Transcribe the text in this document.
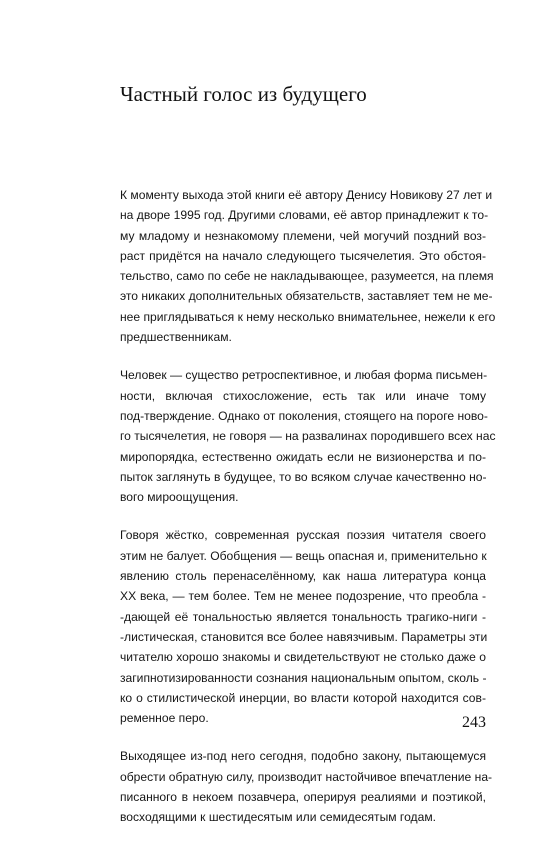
Частный голос из будущего

К моменту выхода этой книги её автору Денису Новикову 27 лет и
на дворе 1995 год. Другими словами, её автор принадлежит к то-
му младому и незнакомому племени, чей могучий поздний воз-
раст придётся на начало следующего тысячелетия. Это обстоя-
тельство, само по себе не накладывающее, разумеется, на племя
это никаких дополнительных обязательств, заставляет тем не ме-
нее приглядываться к нему несколько внимательнее, нежели к его
предшественникам.

Человек — существо ретроспективное, и любая форма письмен-
ности, включая стихосложение, есть так или иначе тому
под-тверждение. Однако от поколения, стоящего на пороге ново-
го тысячелетия, не говоря — на развалинах породившего всех нас
миропорядка, естественно ожидать если не визионерства и по-
пыток заглянуть в будущее, то во всяком случае качественно но-
вого мироощущения.

Говоря жёстко, современная русская поэзия читателя своего
этим не балует. Обобщения — вещь опасная и, применительно к
явлению столь перенаселённому, как наша литература конца
XX века, — тем более. Тем не менее подозрение, что преобла -
-дающей её тональностью является тональность трагико-ниги -
-листическая, становится все более навязчивым. Параметры эти
читателю хорошо знакомы и свидетельствуют не столько даже о
загипнотизированности сознания национальным опытом, сколь -
ко о стилистической инерции, во власти которой находится сов-
ременное перо.

Выходящее из-под него сегодня, подобно закону, пытающемуся
обрести обратную силу, производит настойчивое впечатление на-
писанного в некоем позавчера, оперируя реалиями и поэтикой,
восходящими к шестидесятым или семидесятым годам.

243
